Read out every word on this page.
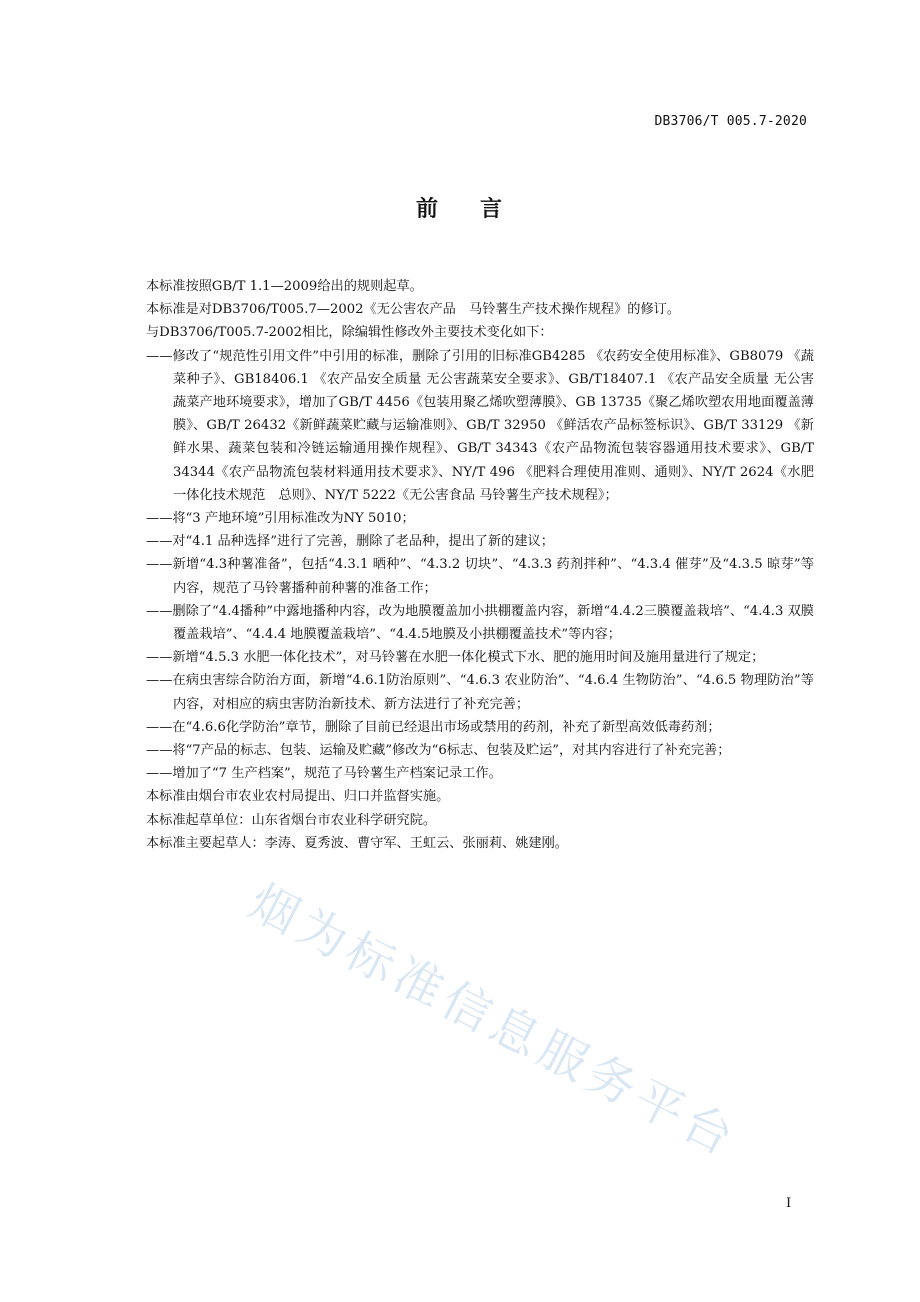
DB3706/T 005.7-2020
前 言

本标准按照GB/T 1.1—2009给出的规则起草。

本标准是对DB3706/T005.7—2002《无公害农产品　马铃薯生产技术操作规程》的修订。

与DB3706/T005.7-2002相比，除编辑性修改外主要技术变化如下：

——修改了“规范性引用文件”中引用的标准，删除了引用的旧标准GB4285 《农药安全使用标准》、GB8079 《蔬菜种子》、GB18406.1 《农产品安全质量 无公害蔬菜安全要求》、GB/T18407.1 《农产品安全质量 无公害蔬菜产地环境要求》，增加了GB/T 4456《包装用聚乙烯吹塑薄膜》、GB 13735《聚乙烯吹塑农用地面覆盖薄膜》、GB/T 26432《新鲜蔬菜贮藏与运输准则》、GB/T 32950 《鲜活农产品标签标识》、GB/T 33129 《新鲜水果、蔬菜包装和冷链运输通用操作规程》、GB/T 34343《农产品物流包装容器通用技术要求》、GB/T 34344《农产品物流包装材料通用技术要求》、NY/T 496 《肥料合理使用准则、通则》、NY/T 2624《水肥一体化技术规范　总则》、NY/T 5222《无公害食品 马铃薯生产技术规程》；

——将“3 产地环境”引用标准改为NY 5010；

——对“4.1 品种选择”进行了完善，删除了老品种，提出了新的建议；

——新增“4.3种薯准备”，包括“4.3.1 晒种”、“4.3.2 切块”、“4.3.3 药剂拌种”、“4.3.4 催芽”及“4.3.5 晾芽”等内容，规范了马铃薯播种前种薯的准备工作；

——删除了“4.4播种”中露地播种内容，改为地膜覆盖加小拱棚覆盖内容，新增“4.4.2三膜覆盖栽培”、“4.4.3 双膜覆盖栽培”、“4.4.4 地膜覆盖栽培”、“4.4.5地膜及小拱棚覆盖技术”等内容；

——新增“4.5.3 水肥一体化技术”，对马铃薯在水肥一体化模式下水、肥的施用时间及施用量进行了规定；

——在病虫害综合防治方面，新增“4.6.1防治原则”、“4.6.3 农业防治”、“4.6.4 生物防治”、“4.6.5 物理防治”等内容，对相应的病虫害防治新技术、新方法进行了补充完善；

——在“4.6.6化学防治”章节，删除了目前已经退出市场或禁用的药剂，补充了新型高效低毒药剂；

——将“7产品的标志、包装、运输及贮藏”修改为“6标志、包装及贮运”，对其内容进行了补充完善；

——增加了“7 生产档案”，规范了马铃薯生产档案记录工作。

本标准由烟台市农业农村局提出、归口并监督实施。

本标准起草单位：山东省烟台市农业科学研究院。

本标准主要起草人：李涛、夏秀波、曹守军、王虹云、张丽莉、姚建刚。

烟为标准信息服务平台
I
